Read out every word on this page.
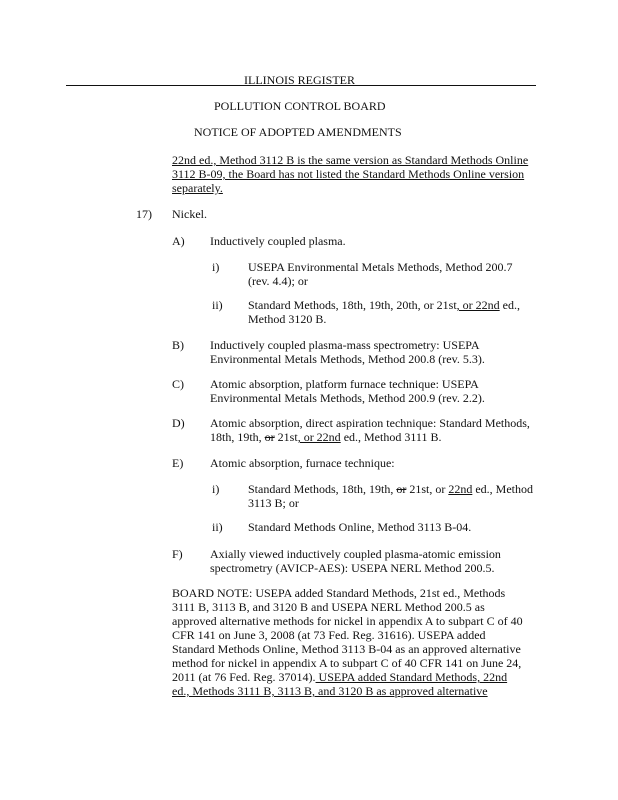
ILLINOIS REGISTER
POLLUTION CONTROL BOARD
NOTICE OF ADOPTED AMENDMENTS
22nd ed., Method 3112 B is the same version as Standard Methods Online
3112 B-09, the Board has not listed the Standard Methods Online version
separately.
17) Nickel.
A) Inductively coupled plasma.
i) USEPA Environmental Metals Methods, Method 200.7
(rev. 4.4); or
ii) Standard Methods, 18th, 19th, 20th, or 21st, or 22nd ed.,
Method 3120 B.
B) Inductively coupled plasma-mass spectrometry: USEPA
Environmental Metals Methods, Method 200.8 (rev. 5.3).
C) Atomic absorption, platform furnace technique: USEPA
Environmental Metals Methods, Method 200.9 (rev. 2.2).
D) Atomic absorption, direct aspiration technique: Standard Methods,
18th, 19th, or 21st, or 22nd ed., Method 3111 B.
E) Atomic absorption, furnace technique:
i) Standard Methods, 18th, 19th, or 21st, or 22nd ed., Method
3113 B; or
ii) Standard Methods Online, Method 3113 B-04.
F) Axially viewed inductively coupled plasma-atomic emission
spectrometry (AVICP-AES): USEPA NERL Method 200.5.
BOARD NOTE: USEPA added Standard Methods, 21st ed., Methods
3111 B, 3113 B, and 3120 B and USEPA NERL Method 200.5 as
approved alternative methods for nickel in appendix A to subpart C of 40
CFR 141 on June 3, 2008 (at 73 Fed. Reg. 31616). USEPA added
Standard Methods Online, Method 3113 B-04 as an approved alternative
method for nickel in appendix A to subpart C of 40 CFR 141 on June 24,
2011 (at 76 Fed. Reg. 37014). USEPA added Standard Methods, 22nd
ed., Methods 3111 B, 3113 B, and 3120 B as approved alternative
